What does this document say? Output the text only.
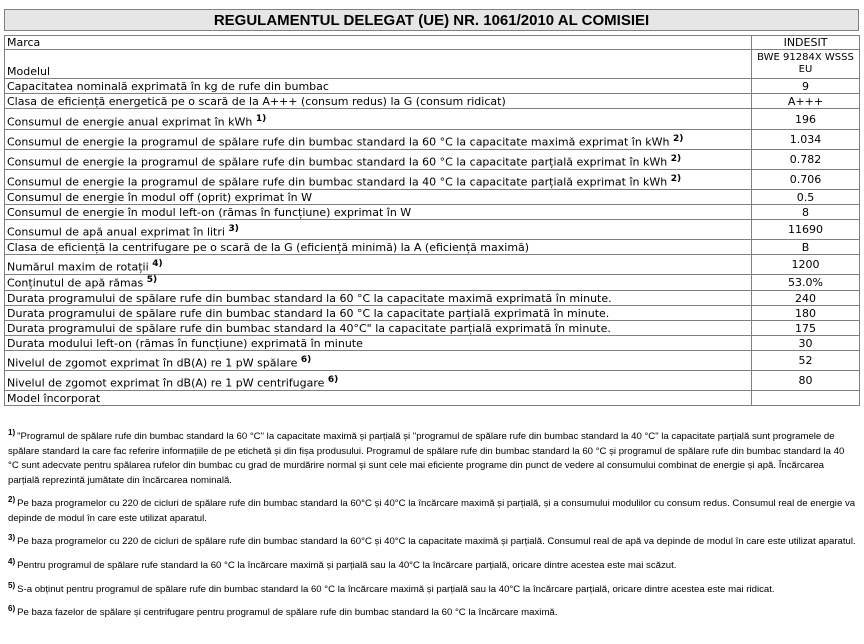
REGULAMENTUL DELEGAT (UE) NR. 1061/2010 AL COMISIEI
Marca	INDESIT
Modelul	BWE 91284X WSSS EU
Capacitatea nominală exprimată în kg de rufe din bumbac	9
Clasa de eficiență energetică pe o scară de la A+++ (consum redus) la G (consum ridicat)	A+++
Consumul de energie anual exprimat în kWh $^{1)}$	196
Consumul de energie la programul de spălare rufe din bumbac standard la 60 °C la capacitate maximă exprimat în kWh $^{2)}$	1.034
Consumul de energie la programul de spălare rufe din bumbac standard la 60 °C la capacitate parțială exprimat în kWh $^{2)}$	0.782
Consumul de energie la programul de spălare rufe din bumbac standard la 40 °C la capacitate parțială exprimat în kWh $^{2)}$	0.706
Consumul de energie în modul off (oprit) exprimat în W	0.5
Consumul de energie în modul left-on (rămas în funcțiune) exprimat în W	8
Consumul de apă anual exprimat în litri $^{3)}$	11690
Clasa de eficiență la centrifugare pe o scară de la G (eficiență minimă) la A (eficiență maximă)	B
Numărul maxim de rotații $^{4)}$	1200
Conținutul de apă rămas $^{5)}$	53.0%
Durata programului de spălare rufe din bumbac standard la 60 °C la capacitate maximă exprimată în minute.	240
Durata programului de spălare rufe din bumbac standard la 60 °C la capacitate parțială exprimată în minute.	180
Durata programului de spălare rufe din bumbac standard la 40°C" la capacitate parțială exprimată în minute.	175
Durata modului left-on (rămas în funcțiune) exprimată în minute	30
Nivelul de zgomot exprimat în dB(A) re 1 pW spălare $^{6)}$	52
Nivelul de zgomot exprimat în dB(A) re 1 pW centrifugare $^{6)}$	80
Model încorporat	

$^{1)}$ "Programul de spălare rufe din bumbac standard la 60 °C" la capacitate maximă și parțială și "programul de spălare rufe din bumbac standard la 40 °C" la capacitate parțială sunt programele de spălare standard la care fac referire informațiile de pe etichetă și din fișa produsului. Programul de spălare rufe din bumbac standard la 60 °C și programul de spălare rufe din bumbac standard la 40 °C sunt adecvate pentru spălarea rufelor din bumbac cu grad de murdărire normal și sunt cele mai eficiente programe din punct de vedere al consumului combinat de energie și apă. Încărcarea parțială reprezintă jumătate din încărcarea nominală.

$^{2)}$ Pe baza programelor cu 220 de cicluri de spălare rufe din bumbac standard la 60°C și 40°C la încărcare maximă și parțială, și a consumului modulilor cu consum redus. Consumul real de energie va depinde de modul în care este utilizat aparatul.

$^{3)}$ Pe baza programelor cu 220 de cicluri de spălare rufe din bumbac standard la 60°C și 40°C la capacitate maximă și parțială. Consumul real de apă va depinde de modul în care este utilizat aparatul.

$^{4)}$ Pentru programul de spălare rufe standard la 60 °C la încărcare maximă și parțială sau la 40°C la încărcare parțială, oricare dintre acestea este mai scăzut.

$^{5)}$ S-a obținut pentru programul de spălare rufe din bumbac standard la 60 °C la încărcare maximă și parțială sau la 40°C la încărcare parțială, oricare dintre acestea este mai ridicat.

$^{6)}$ Pe baza fazelor de spălare și centrifugare pentru programul de spălare rufe din bumbac standard la 60 °C la încărcare maximă.
